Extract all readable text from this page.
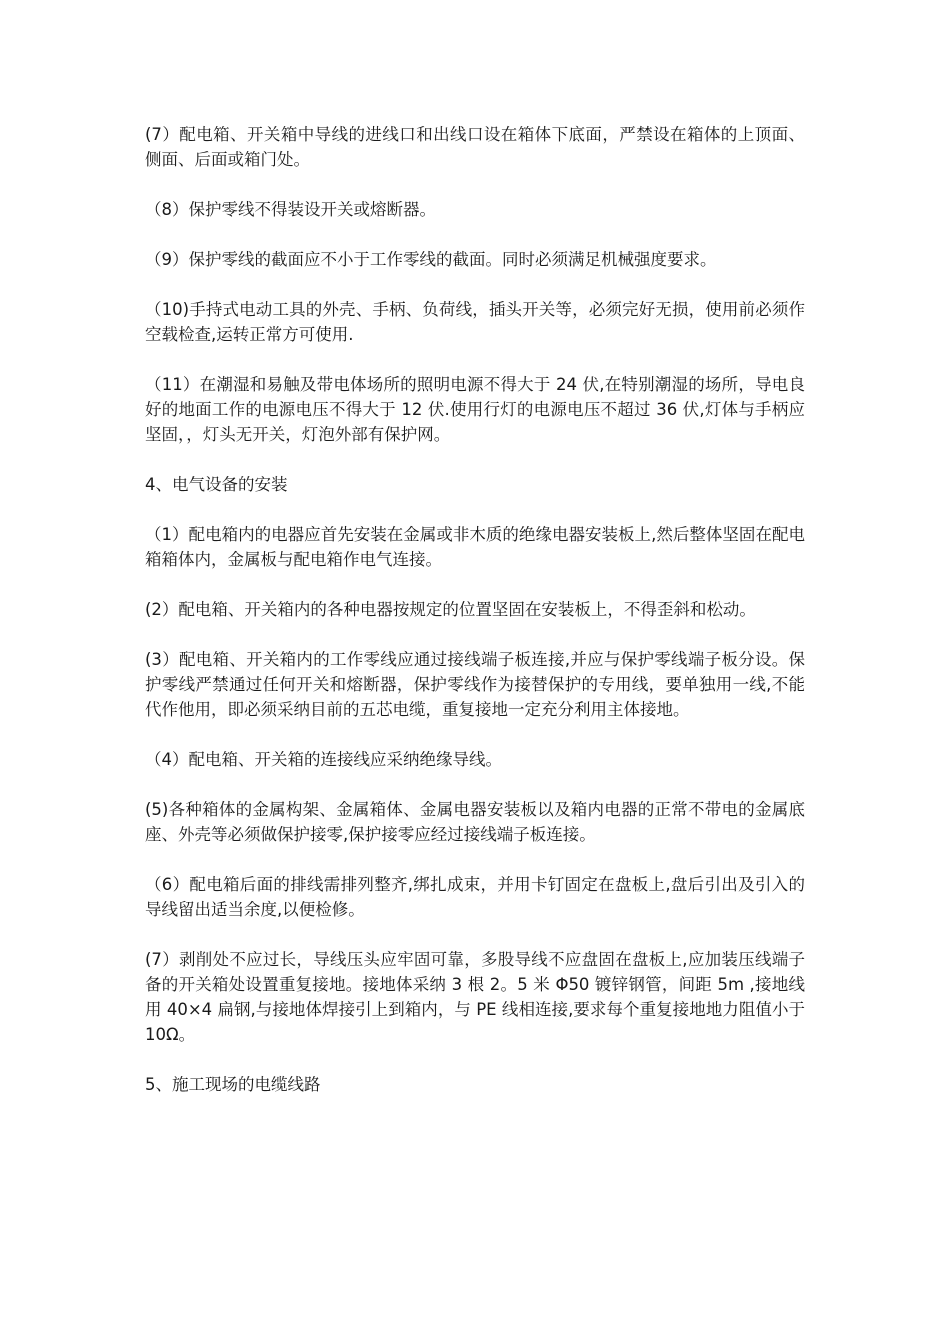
(7）配电箱、开关箱中导线的进线口和出线口设在箱体下底面，严禁设在箱体的上顶面、侧面、后面或箱门处。

（8）保护零线不得装设开关或熔断器。

（9）保护零线的截面应不小于工作零线的截面。同时必须满足机械强度要求。

（10)手持式电动工具的外壳、手柄、负荷线，插头开关等，必须完好无损，使用前必须作空载检查,运转正常方可使用.

（11）在潮湿和易触及带电体场所的照明电源不得大于 24 伏,在特别潮湿的场所，导电良好的地面工作的电源电压不得大于 12 伏.使用行灯的电源电压不超过 36 伏,灯体与手柄应坚固，，灯头无开关，灯泡外部有保护网。

4、电气设备的安装

（1）配电箱内的电器应首先安装在金属或非木质的绝缘电器安装板上,然后整体坚固在配电箱箱体内，金属板与配电箱作电气连接。

(2）配电箱、开关箱内的各种电器按规定的位置坚固在安装板上，不得歪斜和松动。

(3）配电箱、开关箱内的工作零线应通过接线端子板连接,并应与保护零线端子板分设。保护零线严禁通过任何开关和熔断器，保护零线作为接替保护的专用线，要单独用一线,不能代作他用，即必须采纳目前的五芯电缆，重复接地一定充分利用主体接地。

（4）配电箱、开关箱的连接线应采纳绝缘导线。

(5)各种箱体的金属构架、金属箱体、金属电器安装板以及箱内电器的正常不带电的金属底座、外壳等必须做保护接零,保护接零应经过接线端子板连接。

（6）配电箱后面的排线需排列整齐,绑扎成束，并用卡钉固定在盘板上,盘后引出及引入的导线留出适当余度,以便检修。

(7）剥削处不应过长，导线压头应牢固可靠，多股导线不应盘固在盘板上,应加装压线端子备的开关箱处设置重复接地。接地体采纳 3 根 2。5 米 Φ50 镀锌钢管，间距 5m ,接地线用 40×4 扁钢,与接地体焊接引上到箱内，与 PE 线相连接,要求每个重复接地地力阻值小于 10Ω。

5、施工现场的电缆线路
